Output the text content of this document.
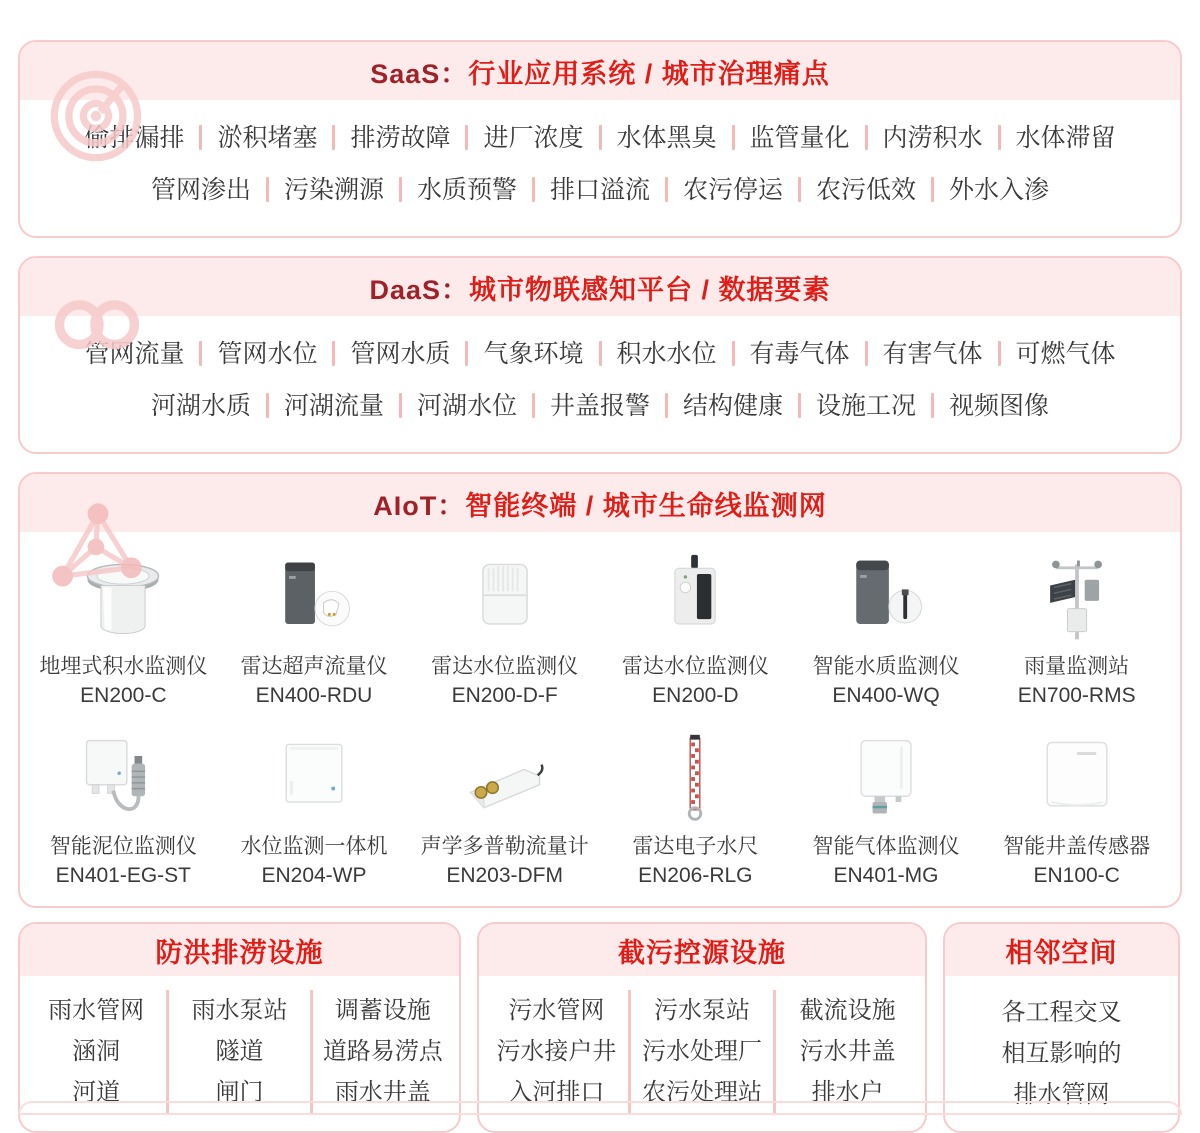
SaaS： 行业应用系统 / 城市治理痛点
偷排漏排 淤积堵塞 排涝故障 进厂浓度 水体黑臭 监管量化 内涝积水 水体滞留
管网渗出 污染溯源 水质预警 排口溢流 农污停运 农污低效 外水入渗
DaaS： 城市物联感知平台 / 数据要素
管网流量 管网水位 管网水质 气象环境 积水水位 有毒气体 有害气体 可燃气体
河湖水质 河湖流量 河湖水位 井盖报警 结构健康 设施工况 视频图像
AIoT： 智能终端 / 城市生命线监测网
地埋式积水监测仪
EN200-C
雷达超声流量仪
EN400-RDU
雷达水位监测仪
EN200-D-F
雷达水位监测仪
EN200-D
智能水质监测仪
EN400-WQ
雨量监测站
EN700-RMS
智能泥位监测仪
EN401-EG-ST
水位监测一体机
EN204-WP
声学多普勒流量计
EN203-DFM
雷达电子水尺
EN206-RLG
智能气体监测仪
EN401-MG
智能井盖传感器
EN100-C
防洪排涝设施
雨水管网
涵洞
河道
雨水泵站
隧道
闸门
调蓄设施
道路易涝点
雨水井盖
截污控源设施
污水管网
污水接户井
入河排口
污水泵站
污水处理厂
农污处理站
截流设施
污水井盖
排水户
相邻空间
各工程交叉
相互影响的
排水管网
